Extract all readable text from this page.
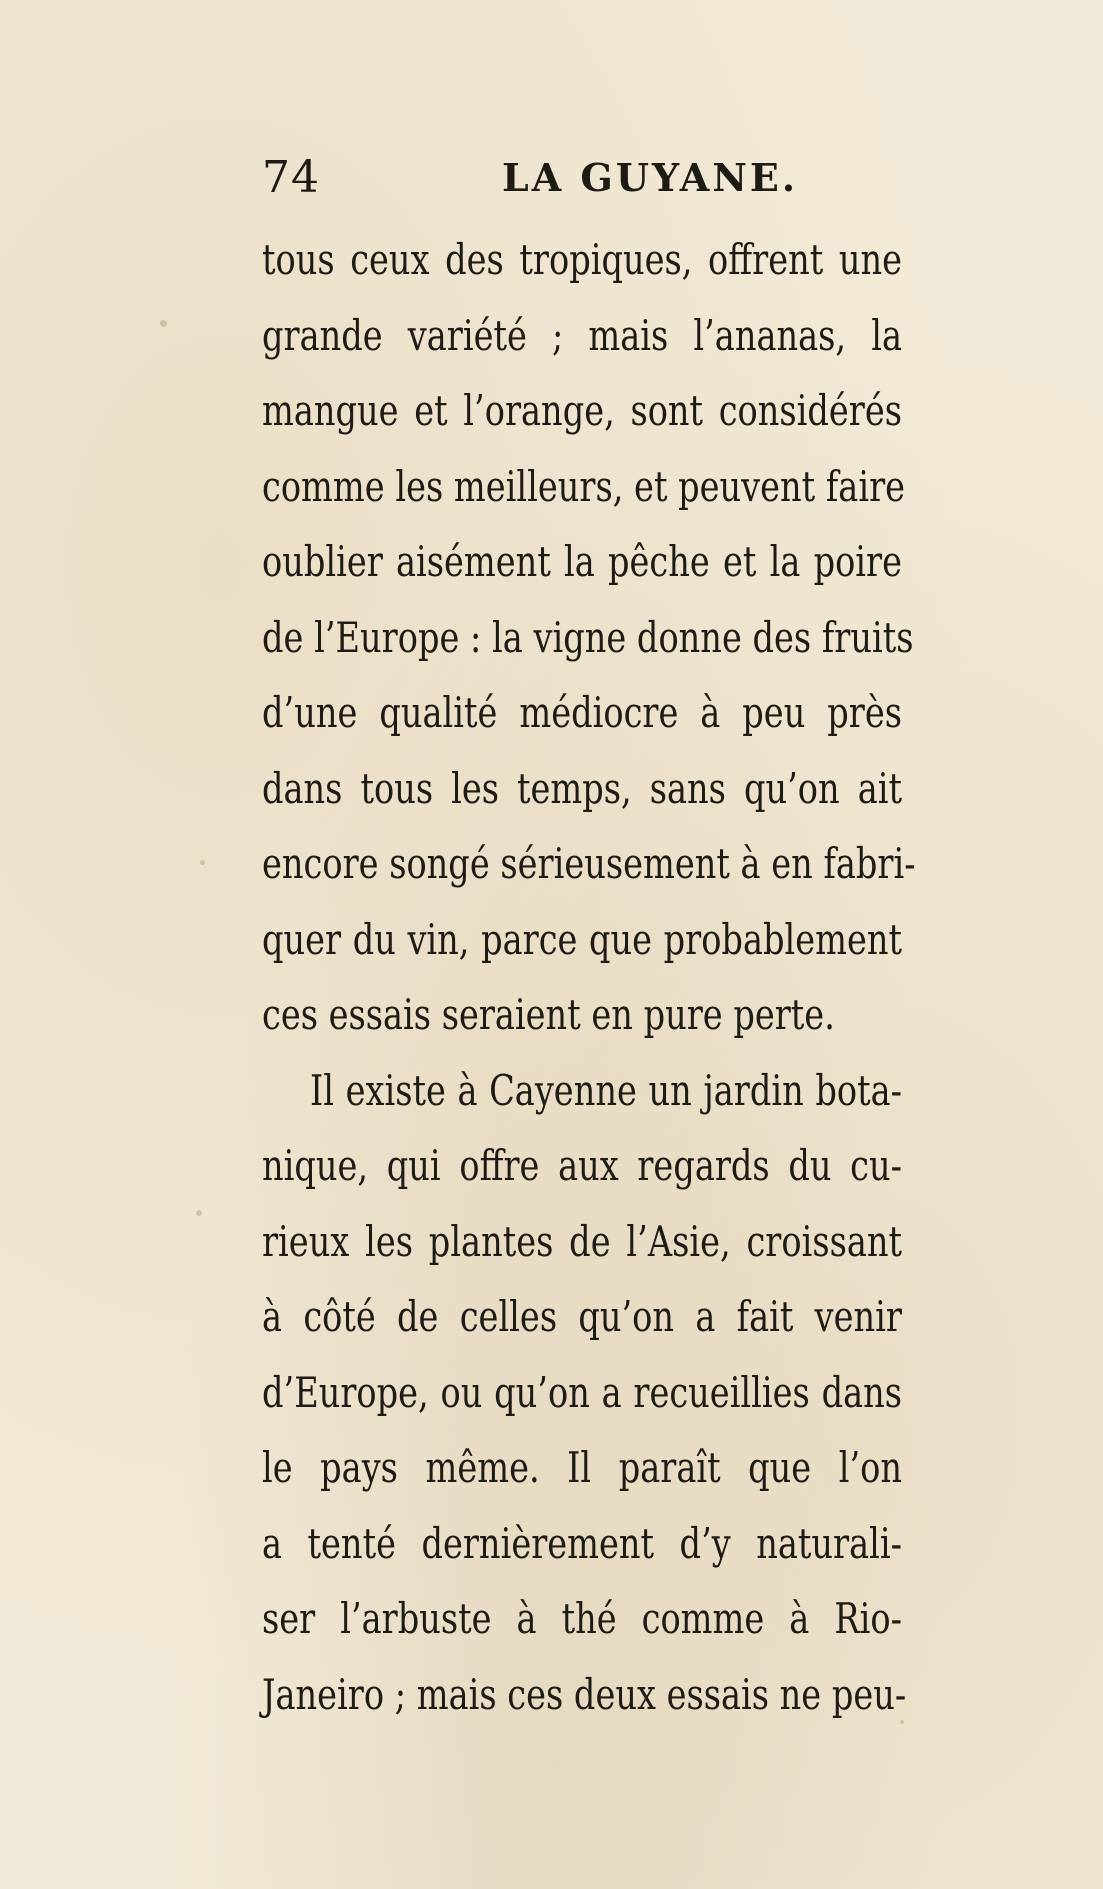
74	LA GUYANE.
tous ceux des tropiques, offrent une
grande variété ; mais l’ananas, la
mangue et l’orange, sont considérés
comme les meilleurs, et peuvent faire
oublier aisément la pêche et la poire
de l’Europe : la vigne donne des fruits
d’une qualité médiocre à peu près
dans tous les temps, sans qu’on ait
encore songé sérieusement à en fabri-
quer du vin, parce que probablement
ces essais seraient en pure perte.
Il existe à Cayenne un jardin bota-
nique, qui offre aux regards du cu-
rieux les plantes de l’Asie, croissant
à côté de celles qu’on a fait venir
d’Europe, ou qu’on a recueillies dans
le pays même. Il paraît que l’on
a tenté dernièrement d’y naturali-
ser l’arbuste à thé comme à Rio-
Janeiro ; mais ces deux essais ne peu-
